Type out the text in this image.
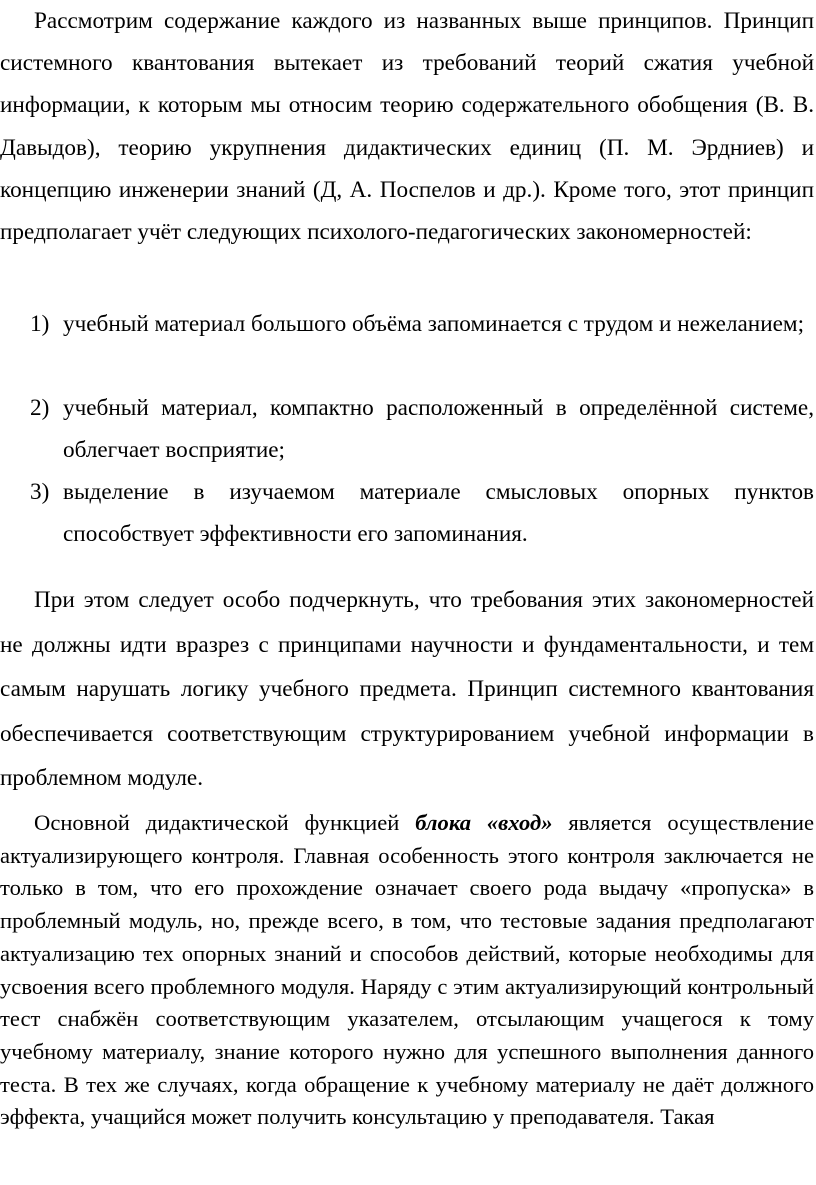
Рассмотрим содержание каждого из названных выше принципов. Принцип системного квантования вытекает из требований теорий сжатия учебной информации, к которым мы относим теорию содержательного обобщения (В. В. Давыдов), теорию укрупнения дидактических единиц (П. М. Эрдниев) и концепцию инженерии знаний (Д, А. Поспелов и др.). Кроме того, этот принцип предполагает учёт следующих психолого-педагогических закономерностей:

1) учебный материал большого объёма запоминается с трудом и нежеланием;
2) учебный материал, компактно расположенный в определённой системе, облегчает восприятие;
3) выделение в изучаемом материале смысловых опорных пунктов способствует эффективности его запоминания.

При этом следует особо подчеркнуть, что требования этих закономерностей не должны идти вразрез с принципами научности и фундаментальности, и тем самым нарушать логику учебного предмета. Принцип системного квантования обеспечивается соответствующим структурированием учебной информации в проблемном модуле.

Основной дидактической функцией блока «вход» является осуществление актуализирующего контроля. Главная особенность этого контроля заключается не только в том, что его прохождение означает своего рода выдачу «пропуска» в проблемный модуль, но, прежде всего, в том, что тестовые задания предполагают актуализацию тех опорных знаний и способов действий, которые необходимы для усвоения всего проблемного модуля. Наряду с этим актуализирующий контрольный тест снабжён соответствующим указателем, отсылающим учащегося к тому учебному материалу, знание которого нужно для успешного выполнения данного теста. В тех же случаях, когда обращение к учебному материалу не даёт должного эффекта, учащийся может получить консультацию у преподавателя. Такая
